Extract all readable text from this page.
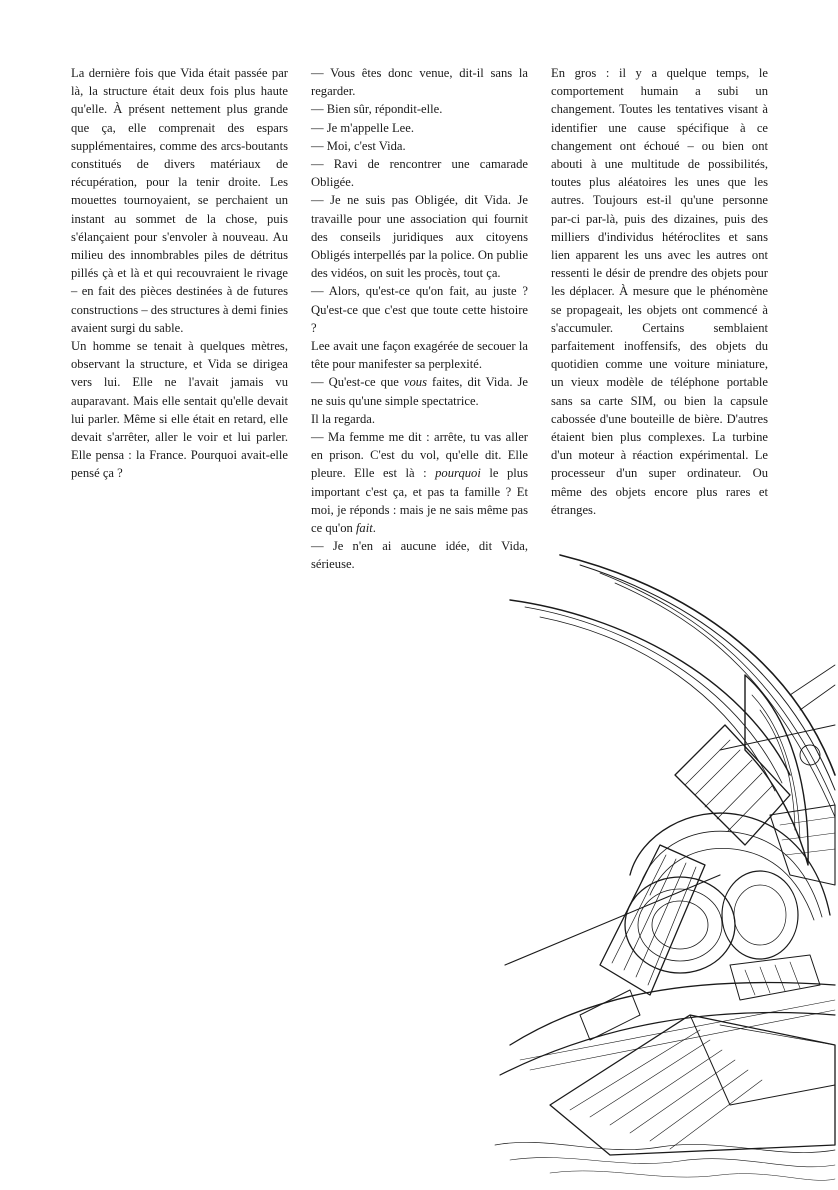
La dernière fois que Vida était passée par là, la structure était deux fois plus haute qu'elle. À présent nettement plus grande que ça, elle comprenait des espars supplémentaires, comme des arcs-boutants constitués de divers matériaux de récupération, pour la tenir droite. Les mouettes tournoyaient, se perchaient un instant au sommet de la chose, puis s'élançaient pour s'envoler à nouveau. Au milieu des innombrables piles de détritus pillés çà et là et qui recouvraient le rivage – en fait des pièces destinées à de futures constructions – des structures à demi finies avaient surgi du sable.

Un homme se tenait à quelques mètres, observant la structure, et Vida se dirigea vers lui. Elle ne l'avait jamais vu auparavant. Mais elle sentait qu'elle devait lui parler. Même si elle était en retard, elle devait s'arrêter, aller le voir et lui parler. Elle pensa : la France. Pourquoi avait-elle pensé ça ?

— Vous êtes donc venue, dit-il sans la regarder.

— Bien sûr, répondit-elle.

— Je m'appelle Lee.

— Moi, c'est Vida.

— Ravi de rencontrer une camarade Obligée.

— Je ne suis pas Obligée, dit Vida. Je travaille pour une association qui fournit des conseils juridiques aux citoyens Obligés interpellés par la police. On publie des vidéos, on suit les procès, tout ça.

— Alors, qu'est-ce qu'on fait, au juste ? Qu'est-ce que c'est que toute cette histoire ?

Lee avait une façon exagérée de secouer la tête pour manifester sa perplexité.

— Qu'est-ce que vous faites, dit Vida. Je ne suis qu'une simple spectatrice.

Il la regarda.

— Ma femme me dit : arrête, tu vas aller en prison. C'est du vol, qu'elle dit. Elle pleure. Elle est là : pourquoi le plus important c'est ça, et pas ta famille ? Et moi, je réponds : mais je ne sais même pas ce qu'on fait.

— Je n'en ai aucune idée, dit Vida, sérieuse.

En gros : il y a quelque temps, le comportement humain a subi un changement. Toutes les tentatives visant à identifier une cause spécifique à ce changement ont échoué – ou bien ont abouti à une multitude de possibilités, toutes plus aléatoires les unes que les autres. Toujours est-il qu'une personne par-ci par-là, puis des dizaines, puis des milliers d'individus hétéroclites et sans lien apparent les uns avec les autres ont ressenti le désir de prendre des objets pour les déplacer. À mesure que le phénomène se propageait, les objets ont commencé à s'accumuler. Certains semblaient parfaitement inoffensifs, des objets du quotidien comme une voiture miniature, un vieux modèle de téléphone portable sans sa carte SIM, ou bien la capsule cabossée d'une bouteille de bière. D'autres étaient bien plus complexes. La turbine d'un moteur à réaction expérimental. Le processeur d'un super ordinateur. Ou même des objets encore plus rares et étranges.
